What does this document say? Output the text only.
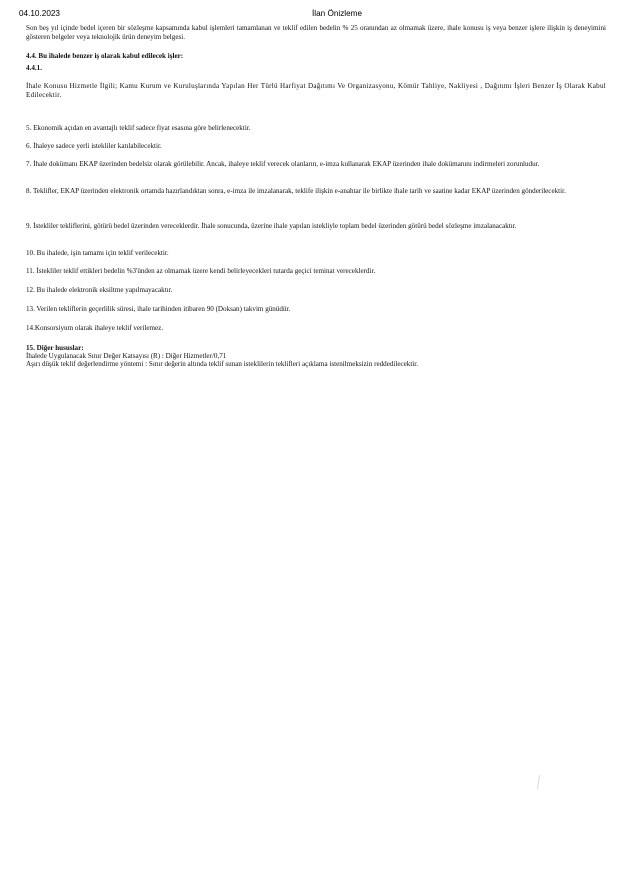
04.10.2023	İlan Önizleme

Son beş yıl içinde bedel içeren bir sözleşme kapsamında kabul işlemleri tamamlanan ve teklif edilen bedelin % 25 oranından az olmamak üzere, ihale konusu iş veya benzer işlere ilişkin iş deneyimini gösteren belgeler veya teknolojik ürün deneyim belgesi.

4.4. Bu ihalede benzer iş olarak kabul edilecek işler:

4.4.1.

İhale Konusu Hizmetle İlgili; Kamu Kurum ve Kuruluşlarında Yapılan Her Türlü Harfiyat Dağıtımı Ve Organizasyonu, Kömür Tahliye, Nakliyesi , Dağıtımı İşleri Benzer İş Olarak Kabul Edilecektir.

5. Ekonomik açıdan en avantajlı teklif sadece fiyat esasına göre belirlenecektir.

6. İhaleye sadece yerli istekliler katılabilecektir.

7. İhale dokümanı EKAP üzerinden bedelsiz olarak görülebilir. Ancak, ihaleye teklif verecek olanların, e-imza kullanarak EKAP üzerinden ihale dokümanını indirmeleri zorunludur.

8. Teklifler, EKAP üzerinden elektronik ortamda hazırlandıktan sonra, e-imza ile imzalanarak, teklife ilişkin e-anahtar ile birlikte ihale tarih ve saatine kadar EKAP üzerinden gönderilecektir.

9. İstekliler tekliflerini, götürü bedel üzerinden vereceklerdir. İhale sonucunda, üzerine ihale yapılan istekliyle toplam bedel üzerinden götürü bedel sözleşme imzalanacaktır.

10. Bu ihalede, işin tamamı için teklif verilecektir.

11. İstekliler teklif ettikleri bedelin %3'ünden az olmamak üzere kendi belirleyecekleri tutarda geçici teminat vereceklerdir.

12. Bu ihalede elektronik eksiltme yapılmayacaktır.

13. Verilen tekliflerin geçerlilik süresi, ihale tarihinden itibaren 90 (Doksan) takvim günüdür.

14.Konsorsiyum olarak ihaleye teklif verilemez.

15. Diğer hususlar:

İhalede Uygulanacak Sınır Değer Katsayısı (R) : Diğer Hizmetler/0,71

Aşırı düşük teklif değerlendirme yöntemi : Sınır değerin altında teklif sunan isteklilerin teklifleri açıklama istenilmeksizin reddedilecektir.
